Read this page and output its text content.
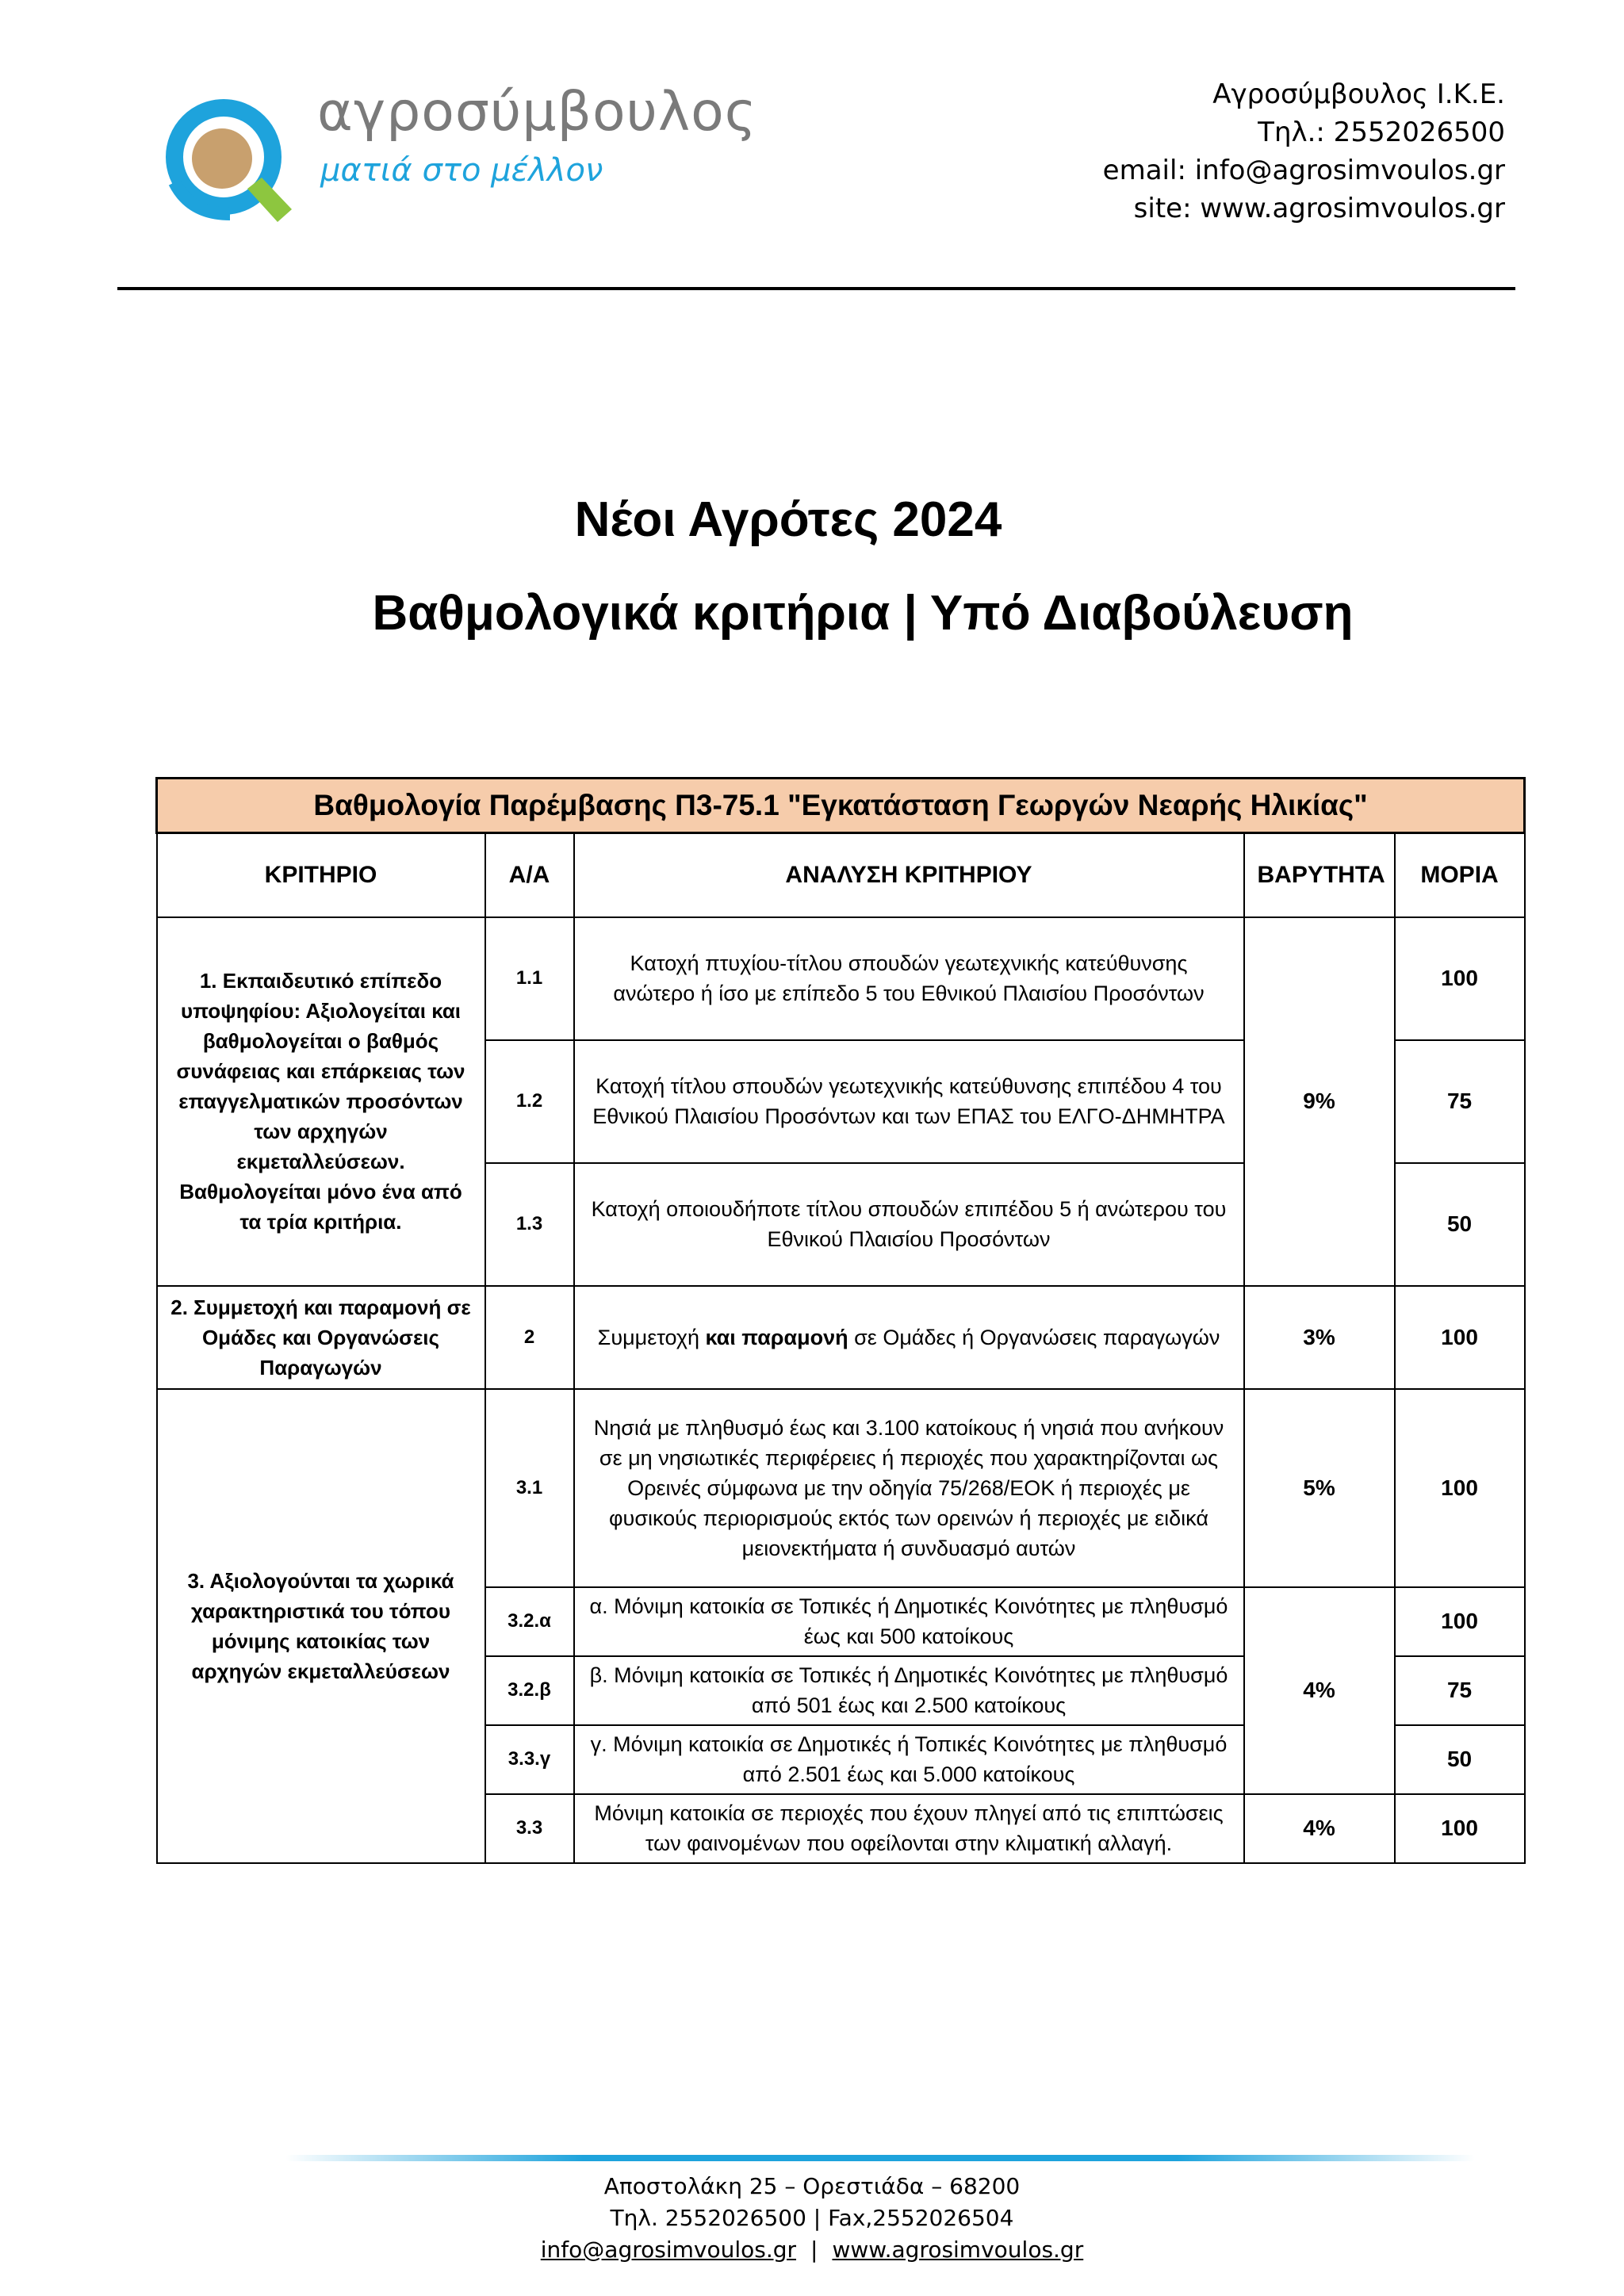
αγροσύμβουλος
ματιά στο μέλλον
Αγροσύμβουλος Ι.Κ.Ε.
Τηλ.: 2552026500
email: info@agrosimvoulos.gr
site: www.agrosimvoulos.gr
Νέοι Αγρότες 2024
Βαθμολογικά κριτήρια | Υπό Διαβούλευση
Βαθμολογία Παρέμβασης Π3-75.1 "Εγκατάσταση Γεωργών Νεαρής Ηλικίας"				
ΚΡΙΤΗΡΙΟ	Α/Α	ΑΝΑΛΥΣΗ ΚΡΙΤΗΡΙΟΥ	ΒΑΡΥΤΗΤΑ	ΜΟΡΙΑ
1. Εκπαιδευτικό επίπεδο υποψηφίου: Αξιολογείται και βαθμολογείται ο βαθμός συνάφειας και επάρκειας των επαγγελματικών προσόντων των αρχηγών εκμεταλλεύσεων. Βαθμολογείται μόνο ένα από τα τρία κριτήρια.	1.1	Κατοχή πτυχίου-τίτλου σπουδών γεωτεχνικής κατεύθυνσης ανώτερο ή ίσο με επίπεδο 5 του Εθνικού Πλαισίου Προσόντων	9%	100
	1.2	Κατοχή τίτλου σπουδών γεωτεχνικής κατεύθυνσης επιπέδου 4 του Εθνικού Πλαισίου Προσόντων και των ΕΠΑΣ του ΕΛΓΟ-ΔΗΜΗΤΡΑ		75
	1.3	Κατοχή οποιουδήποτε τίτλου σπουδών επιπέδου 5 ή ανώτερου του Εθνικού Πλαισίου Προσόντων		50
2. Συμμετοχή και παραμονή σε Ομάδες και Οργανώσεις Παραγωγών	2	Συμμετοχή και παραμονή σε Ομάδες ή Οργανώσεις παραγωγών	3%	100
3. Αξιολογούνται τα χωρικά χαρακτηριστικά του τόπου μόνιμης κατοικίας των αρχηγών εκμεταλλεύσεων	3.1	Νησιά με πληθυσμό έως και 3.100 κατοίκους ή νησιά που ανήκουν σε μη νησιωτικές περιφέρειες ή περιοχές που χαρακτηρίζονται ως Ορεινές σύμφωνα με την οδηγία 75/268/ΕΟΚ ή περιοχές με φυσικούς περιορισμούς εκτός των ορεινών ή περιοχές με ειδικά μειονεκτήματα ή συνδυασμό αυτών	5%	100
	3.2.α	α. Μόνιμη κατοικία σε Τοπικές ή Δημοτικές Κοινότητες με πληθυσμό έως και 500 κατοίκους	4%	100
	3.2.β	β. Μόνιμη κατοικία σε Τοπικές ή Δημοτικές Κοινότητες με πληθυσμό από 501 έως και 2.500 κατοίκους		75
	3.3.γ	γ. Μόνιμη κατοικία σε Δημοτικές ή Τοπικές Κοινότητες με πληθυσμό από 2.501 έως και 5.000 κατοίκους		50
	3.3	Μόνιμη κατοικία σε περιοχές που έχουν πληγεί από τις επιπτώσεις των φαινομένων που οφείλονται στην κλιματική αλλαγή.	4%	100
Αποστολάκη 25 – Ορεστιάδα – 68200
Τηλ. 2552026500 | Fax,2552026504
info@agrosimvoulos.gr | www.agrosimvoulos.gr
